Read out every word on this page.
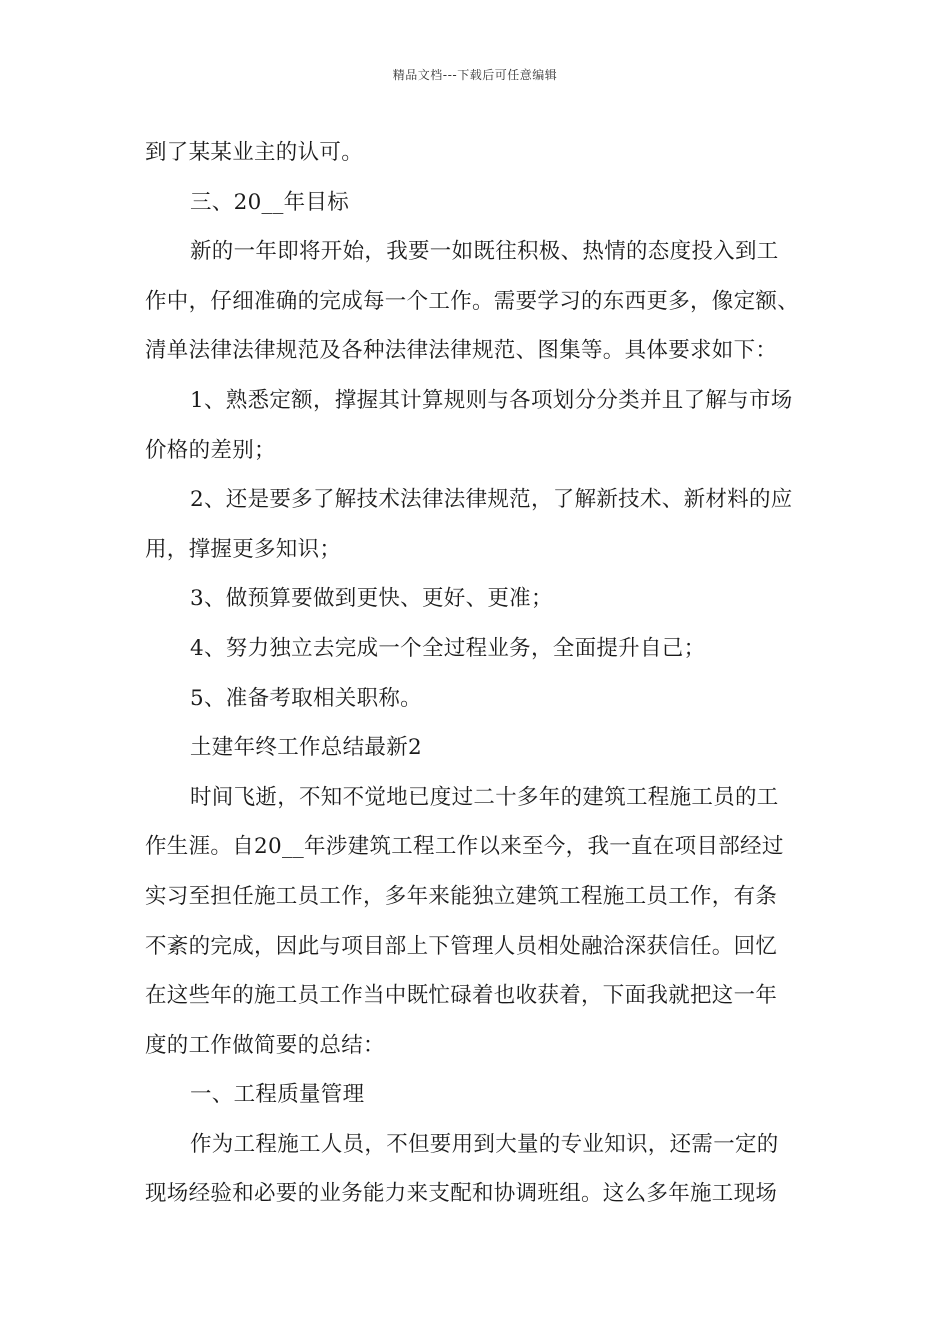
精品文档---下载后可任意编辑
到了某某业主的认可。
三、20__年目标
新的一年即将开始，我要一如既往积极、热情的态度投入到工
作中，仔细准确的完成每一个工作。需要学习的东西更多，像定额、
清单法律法律规范及各种法律法律规范、图集等。具体要求如下：
1、熟悉定额，撑握其计算规则与各项划分分类并且了解与市场
价格的差别；
2、还是要多了解技术法律法律规范，了解新技术、新材料的应
用，撑握更多知识；
3、做预算要做到更快、更好、更准；
4、努力独立去完成一个全过程业务，全面提升自己；
5、准备考取相关职称。
土建年终工作总结最新2
时间飞逝，不知不觉地已度过二十多年的建筑工程施工员的工
作生涯。自20__年涉建筑工程工作以来至今，我一直在项目部经过
实习至担任施工员工作，多年来能独立建筑工程施工员工作，有条
不紊的完成，因此与项目部上下管理人员相处融洽深获信任。回忆
在这些年的施工员工作当中既忙碌着也收获着，下面我就把这一年
度的工作做简要的总结：
一、工程质量管理
作为工程施工人员，不但要用到大量的专业知识，还需一定的
现场经验和必要的业务能力来支配和协调班组。这么多年施工现场
